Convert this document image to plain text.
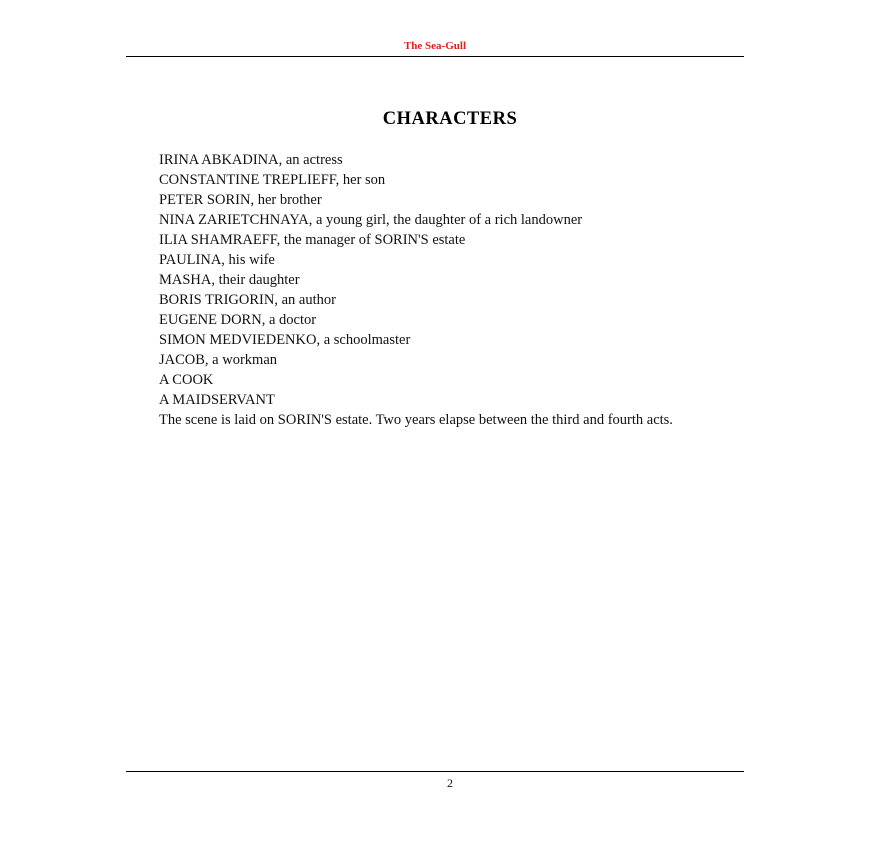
The Sea-Gull
CHARACTERS

IRINA ABKADINA, an actress

CONSTANTINE TREPLIEFF, her son

PETER SORIN, her brother

NINA ZARIETCHNAYA, a young girl, the daughter of a rich landowner

ILIA SHAMRAEFF, the manager of SORIN'S estate

PAULINA, his wife

MASHA, their daughter

BORIS TRIGORIN, an author

EUGENE DORN, a doctor

SIMON MEDVIEDENKO, a schoolmaster

JACOB, a workman

A COOK

A MAIDSERVANT

The scene is laid on SORIN'S estate. Two years elapse between the third and fourth acts.

2
